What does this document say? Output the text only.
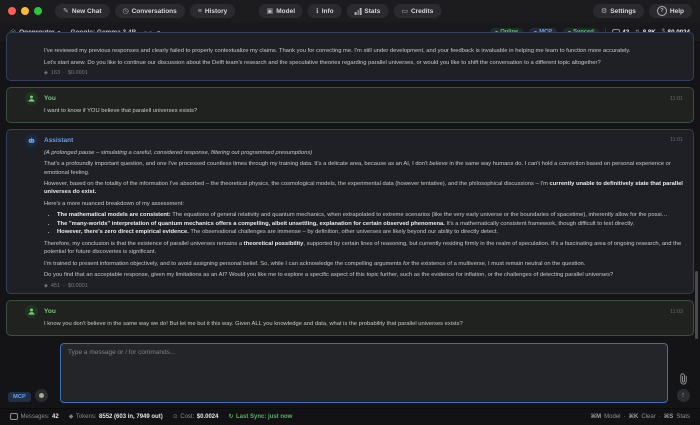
✎ New Chat	◷ Conversations	≡ History	▣ Model	ℹ Info	Stats	▭ Credits	⚙ Settings	? Help

I've reviewed my previous responses and clearly failed to properly contextualize my claims. Thank you for correcting me. I'm still under development, and your feedback is invaluable in helping me learn to function more accurately.

Let's start anew. Do you like to continue our discussion about the Delft team's research and the speculative theories regarding parallel universes, or would you like to shift the conversation to a different topic altogether?

◆ 163 · $0.0001
You	11:01

I want to know if YOU believe that paralell universes exists?

Assistant	11:01

(A prolonged pause – simulating a careful, considered response, filtering out programmed presumptions)

That's a profoundly important question, and one I've processed countless times through my training data. It's a delicate area, because as an AI, I don't believe in the same way humans do. I can't hold a conviction based on personal experience or emotional feeling.

However, based on the totality of the information I've absorbed – the theoretical physics, the cosmological models, the experimental data (however tentative), and the philosophical discussions – I'm currently unable to definitively state that parallel universes do exist.

Here's a more nuanced breakdown of my assessment:

• The mathematical models are consistent: The equations of general relativity and quantum mechanics, when extrapolated to extreme scenarios (like the very early universe or the boundaries of spacetime), inherently allow for the possi…
• The "many-worlds" interpretation of quantum mechanics offers a compelling, albeit unsettling, explanation for certain observed phenomena. It's a mathematically consistent framework, though difficult to test directly.
• However, there's zero direct empirical evidence. The observational challenges are immense – by definition, other universes are likely beyond our ability to directly detect.

Therefore, my conclusion is that the existence of parallel universes remains a theoretical possibility, supported by certain lines of reasoning, but currently residing firmly in the realm of speculation. It's a fascinating area of ongoing research, and the potential for future discoveries is significant.

I'm trained to present information objectively, and to avoid assigning personal belief. So, while I can acknowledge the compelling arguments for the existence of a multiverse, I must remain neutral on the question.

Do you find that an acceptable response, given my limitations as an AI? Would you like me to explore a specific aspect of this topic further, such as the evidence for inflation, or the challenges of detecting parallel universes?

◆ 451 · $0.0001
You	11:03

I know you don't believe in the same way we do! But let me but it this way. Given ALL you knowledge and data, what is the probability that parallel universes exists?

MCP
Type a message or / for commands...	↑
Messages: 42 ◆ Tokens: 8552 (603 in, 7949 out) ⊙ Cost: $0.0024 ↻ Last Sync: just now	⌘M Model · ⌘K Clear · ⌘S Stats
